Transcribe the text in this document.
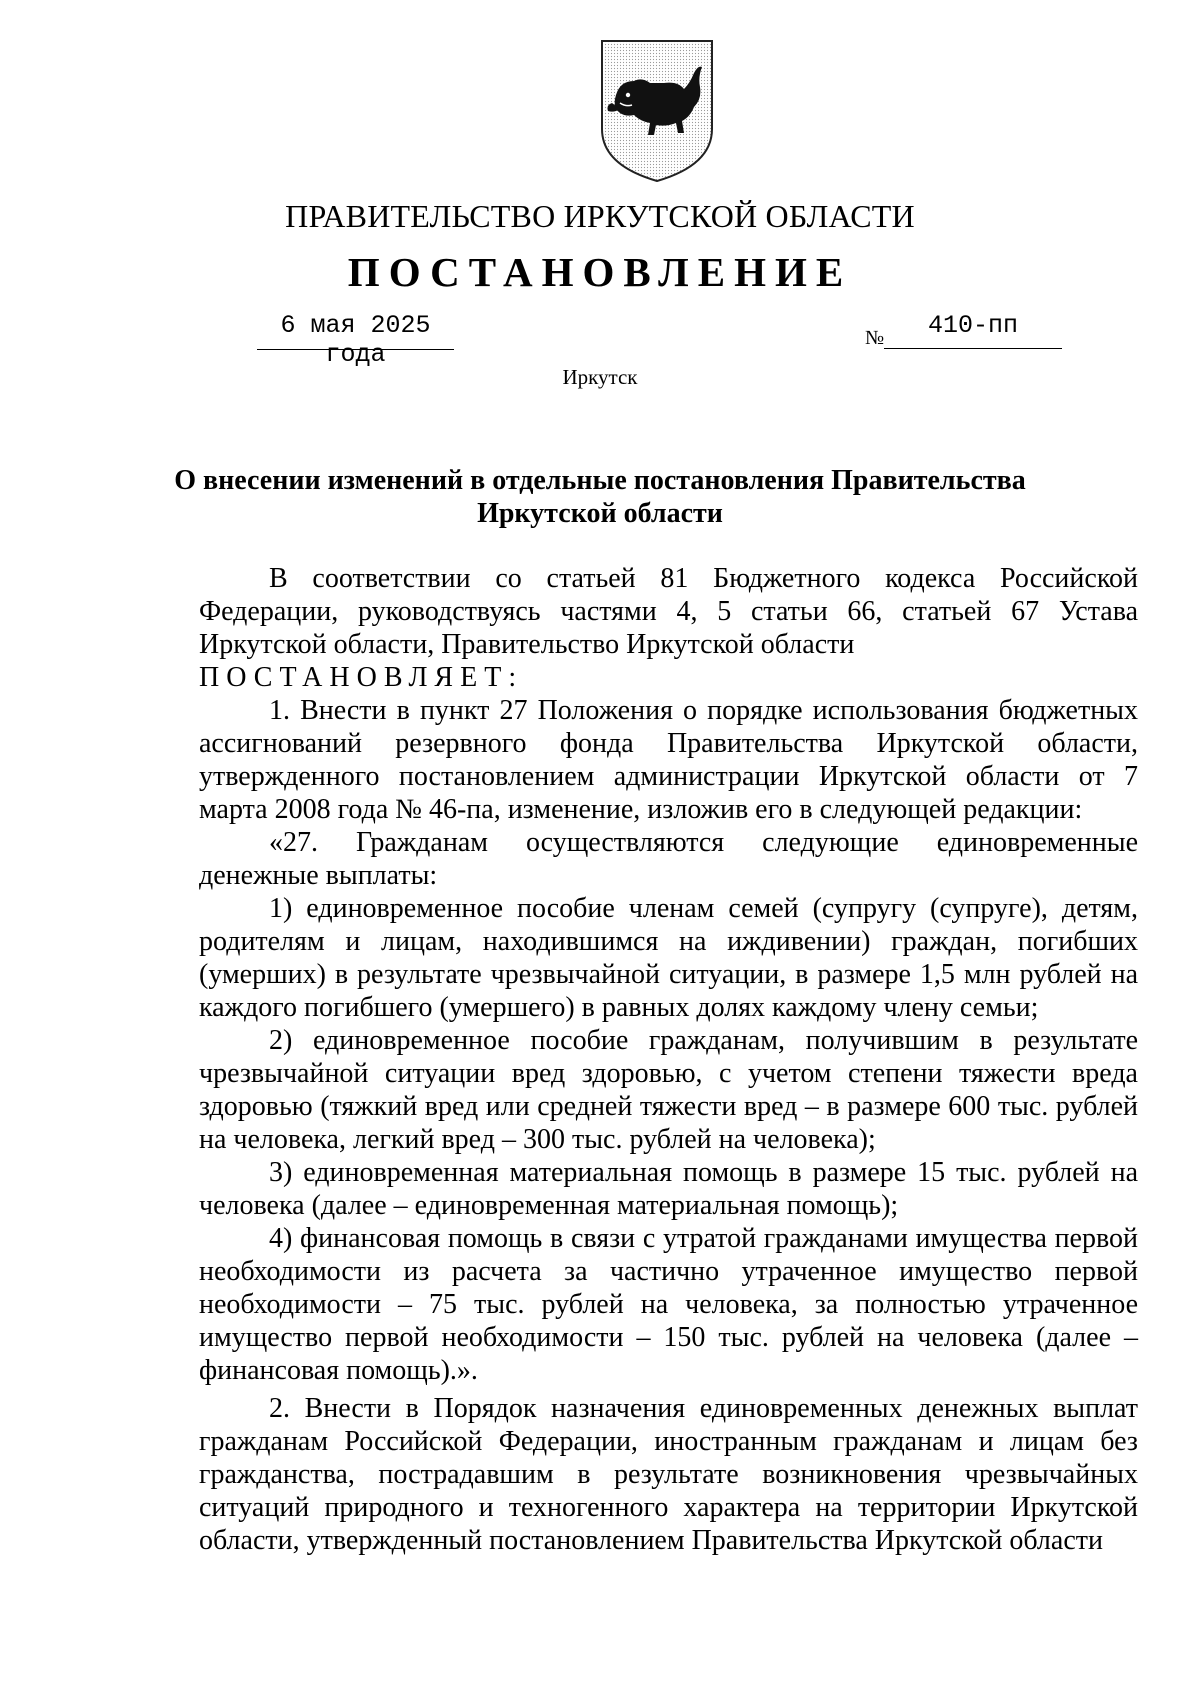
ПРАВИТЕЛЬСТВО ИРКУТСКОЙ ОБЛАСТИ
ПОСТАНОВЛЕНИЕ
6 мая 2025 года
№	410-пп
Иркутск
О внесении изменений в отдельные постановления Правительства
Иркутской области

В соответствии со статьей 81 Бюджетного кодекса Российской Федерации, руководствуясь частями 4, 5 статьи 66, статьей 67 Устава Иркутской области, Правительство Иркутской области

ПОСТАНОВЛЯЕТ:

1. Внести в пункт 27 Положения о порядке использования бюджетных ассигнований резервного фонда Правительства Иркутской области, утвержденного постановлением администрации Иркутской области от 7 марта 2008 года № 46-па, изменение, изложив его в следующей редакции:

«27. Гражданам осуществляются следующие единовременные денежные выплаты:

1) единовременное пособие членам семей (супругу (супруге), детям, родителям и лицам, находившимся на иждивении) граждан, погибших (умерших) в результате чрезвычайной ситуации, в размере 1,5 млн рублей на каждого погибшего (умершего) в равных долях каждому члену семьи;

2) единовременное пособие гражданам, получившим в результате чрезвычайной ситуации вред здоровью, с учетом степени тяжести вреда здоровью (тяжкий вред или средней тяжести вред – в размере 600 тыс. рублей на человека, легкий вред – 300 тыс. рублей на человека);

3) единовременная материальная помощь в размере 15 тыс. рублей на человека (далее – единовременная материальная помощь);

4) финансовая помощь в связи с утратой гражданами имущества первой необходимости из расчета за частично утраченное имущество первой необходимости – 75 тыс. рублей на человека, за полностью утраченное имущество первой необходимости – 150 тыс. рублей на человека (далее – финансовая помощь).».

2. Внести в Порядок назначения единовременных денежных выплат гражданам Российской Федерации, иностранным гражданам и лицам без гражданства, пострадавшим в результате возникновения чрезвычайных ситуаций природного и техногенного характера на территории Иркутской области, утвержденный постановлением Правительства Иркутской области
